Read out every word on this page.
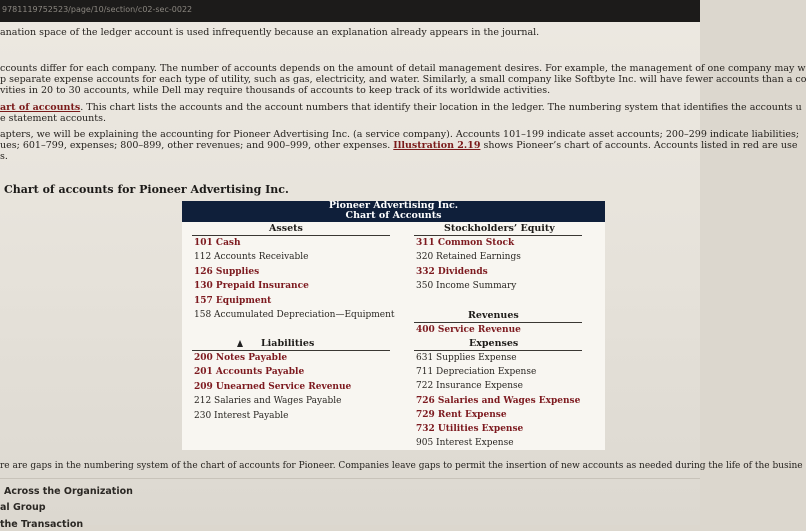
9781119752523/page/10/section/c02-sec-0022
anation space of the ledger account is used infrequently because an explanation already appears in the journal.
ccounts differ for each company. The number of accounts depends on the amount of detail management desires. For example, the management of one company may w
p separate expense accounts for each type of utility, such as gas, electricity, and water. Similarly, a small company like Softbyte Inc. will have fewer accounts than a co
vities in 20 to 30 accounts, while Dell may require thousands of accounts to keep track of its worldwide activities.
art of accounts. This chart lists the accounts and the account numbers that identify their location in the ledger. The numbering system that identifies the accounts u
e statement accounts.
apters, we will be explaining the accounting for Pioneer Advertising Inc. (a service company). Accounts 101–199 indicate asset accounts; 200–299 indicate liabilities;
ues; 601–799, expenses; 800–899, other revenues; and 900–999, other expenses. Illustration 2.19 shows Pioneer’s chart of accounts. Accounts listed in red are use
s.
Chart of accounts for Pioneer Advertising Inc.
Pioneer Advertising Inc.
Chart of Accounts
Assets
101 Cash
112 Accounts Receivable
126 Supplies
130 Prepaid Insurance
157 Equipment
158 Accumulated Depreciation—Equipment
Liabilities
200 Notes Payable
201 Accounts Payable
209 Unearned Service Revenue
212 Salaries and Wages Payable
230 Interest Payable
Stockholders’ Equity
311 Common Stock
320 Retained Earnings
332 Dividends
350 Income Summary
Revenues
400 Service Revenue
Expenses
631 Supplies Expense
711 Depreciation Expense
722 Insurance Expense
726 Salaries and Wages Expense
729 Rent Expense
732 Utilities Expense
905 Interest Expense
re are gaps in the numbering system of the chart of accounts for Pioneer. Companies leave gaps to permit the insertion of new accounts as needed during the life of the busine
Across the Organization
al Group
the Transaction
